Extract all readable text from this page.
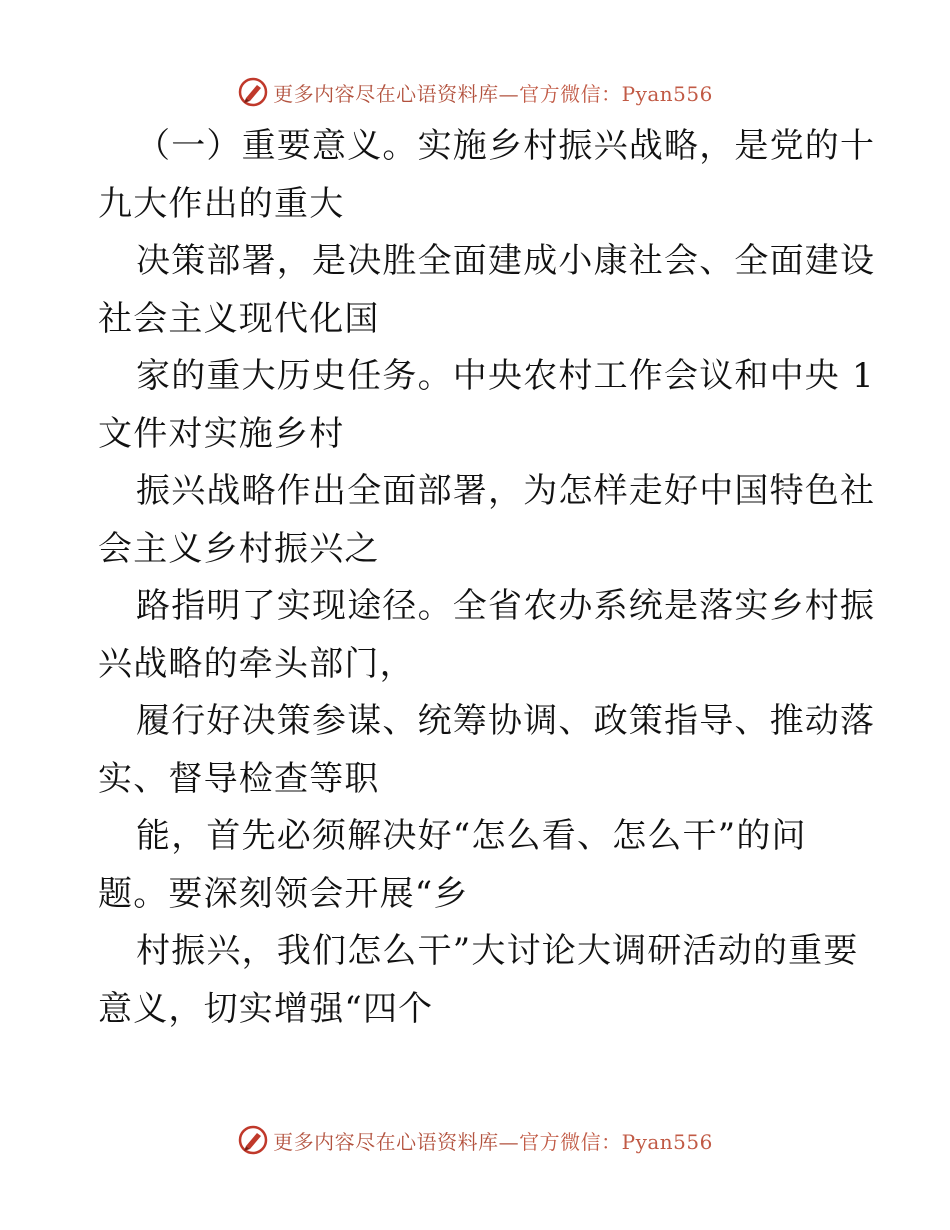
更多内容尽在心语资料库—官方微信：Pyan556
（一）重要意义。实施乡村振兴战略，是党的十
九大作出的重大
决策部署，是决胜全面建成小康社会、全面建设
社会主义现代化国
家的重大历史任务。中央农村工作会议和中央 1
文件对实施乡村
振兴战略作出全面部署，为怎样走好中国特色社
会主义乡村振兴之
路指明了实现途径。全省农办系统是落实乡村振
兴战略的牵头部门，
履行好决策参谋、统筹协调、政策指导、推动落
实、督导检查等职
能，首先必须解决好“怎么看、怎么干”的问
题。要深刻领会开展“乡
村振兴，我们怎么干”大讨论大调研活动的重要
意义，切实增强“四个
更多内容尽在心语资料库—官方微信：Pyan556
